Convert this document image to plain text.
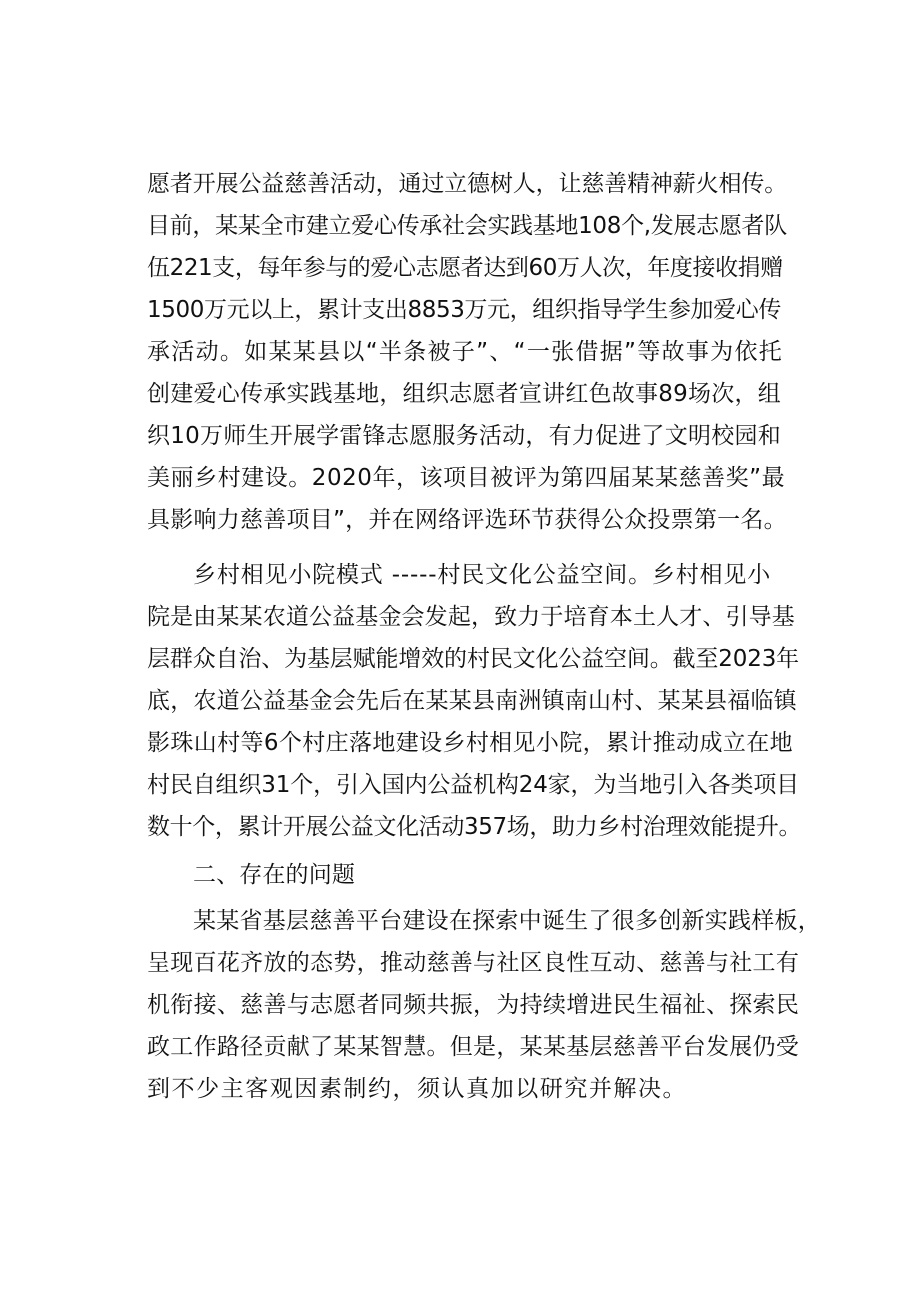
愿者开展公益慈善活动，通过立德树人，让慈善精神薪火相传。
目前，某某全市建立爱心传承社会实践基地108个,发展志愿者队
伍221支，每年参与的爱心志愿者达到60万人次，年度接收捐赠
1500万元以上，累计支出8853万元，组织指导学生参加爱心传
承活动。如某某县以“半条被子”、“一张借据”等故事为依托
创建爱心传承实践基地，组织志愿者宣讲红色故事89场次，组
织10万师生开展学雷锋志愿服务活动，有力促进了文明校园和
美丽乡村建设。2020年，该项目被评为第四届某某慈善奖”最
具影响力慈善项目”，并在网络评选环节获得公众投票第一名。
乡村相见小院模式 -----村民文化公益空间。乡村相见小
院是由某某农道公益基金会发起，致力于培育本土人才、引导基
层群众自治、为基层赋能增效的村民文化公益空间。截至2023年
底，农道公益基金会先后在某某县南洲镇南山村、某某县福临镇
影珠山村等6个村庄落地建设乡村相见小院，累计推动成立在地
村民自组织31个，引入国内公益机构24家，为当地引入各类项目
数十个，累计开展公益文化活动357场，助力乡村治理效能提升。
二、存在的问题
某某省基层慈善平台建设在探索中诞生了很多创新实践样板，
呈现百花齐放的态势，推动慈善与社区良性互动、慈善与社工有
机衔接、慈善与志愿者同频共振，为持续增进民生福祉、探索民
政工作路径贡献了某某智慧。但是，某某基层慈善平台发展仍受
到不少主客观因素制约，须认真加以研究并解决。
